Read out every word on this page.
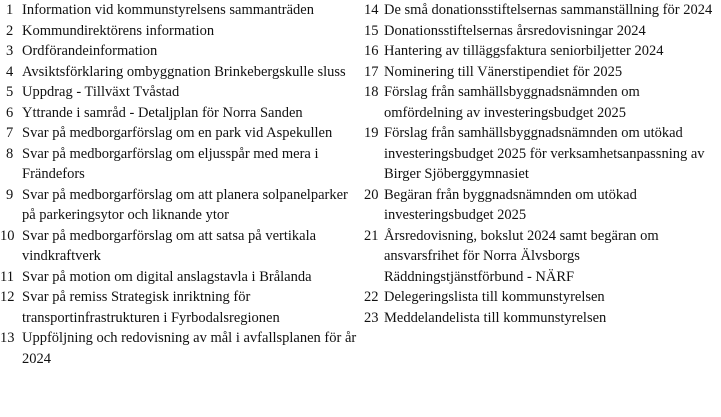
1 Information vid kommunstyrelsens sammanträden
2 Kommundirektörens information
3 Ordförandeinformation
4 Avsiktsförklaring ombyggnation Brinkebergskulle sluss
5 Uppdrag - Tillväxt Tvåstad
6 Yttrande i samråd - Detaljplan för Norra Sanden
7 Svar på medborgarförslag om en park vid Aspekullen
8 Svar på medborgarförslag om eljusspår med mera i Frändefors
9 Svar på medborgarförslag om att planera solpanelparker på parkeringsytor och liknande ytor
10 Svar på medborgarförslag om att satsa på vertikala vindkraftverk
11 Svar på motion om digital anslagstavla i Brålanda
12 Svar på remiss Strategisk inriktning för transportinfrastrukturen i Fyrbodalsregionen
13 Uppföljning och redovisning av mål i avfallsplanen för år 2024
14 De små donationsstiftelsernas sammanställning för 2024
15 Donationsstiftelsernas årsredovisningar 2024
16 Hantering av tilläggsfaktura seniorbiljetter 2024
17 Nominering till Vänerstipendiet för 2025
18 Förslag från samhällsbyggnadsnämnden om omfördelning av investeringsbudget 2025
19 Förslag från samhällsbyggnadsnämnden om utökad investeringsbudget 2025 för verksamhetsanpassning av Birger Sjöberggymnasiet
20 Begäran från byggnadsnämnden om utökad investeringsbudget 2025
21 Årsredovisning, bokslut 2024 samt begäran om ansvarsfrihet för Norra Älvsborgs Räddningstjänstförbund - NÄRF
22 Delegeringslista till kommunstyrelsen
23 Meddelandelista till kommunstyrelsen
